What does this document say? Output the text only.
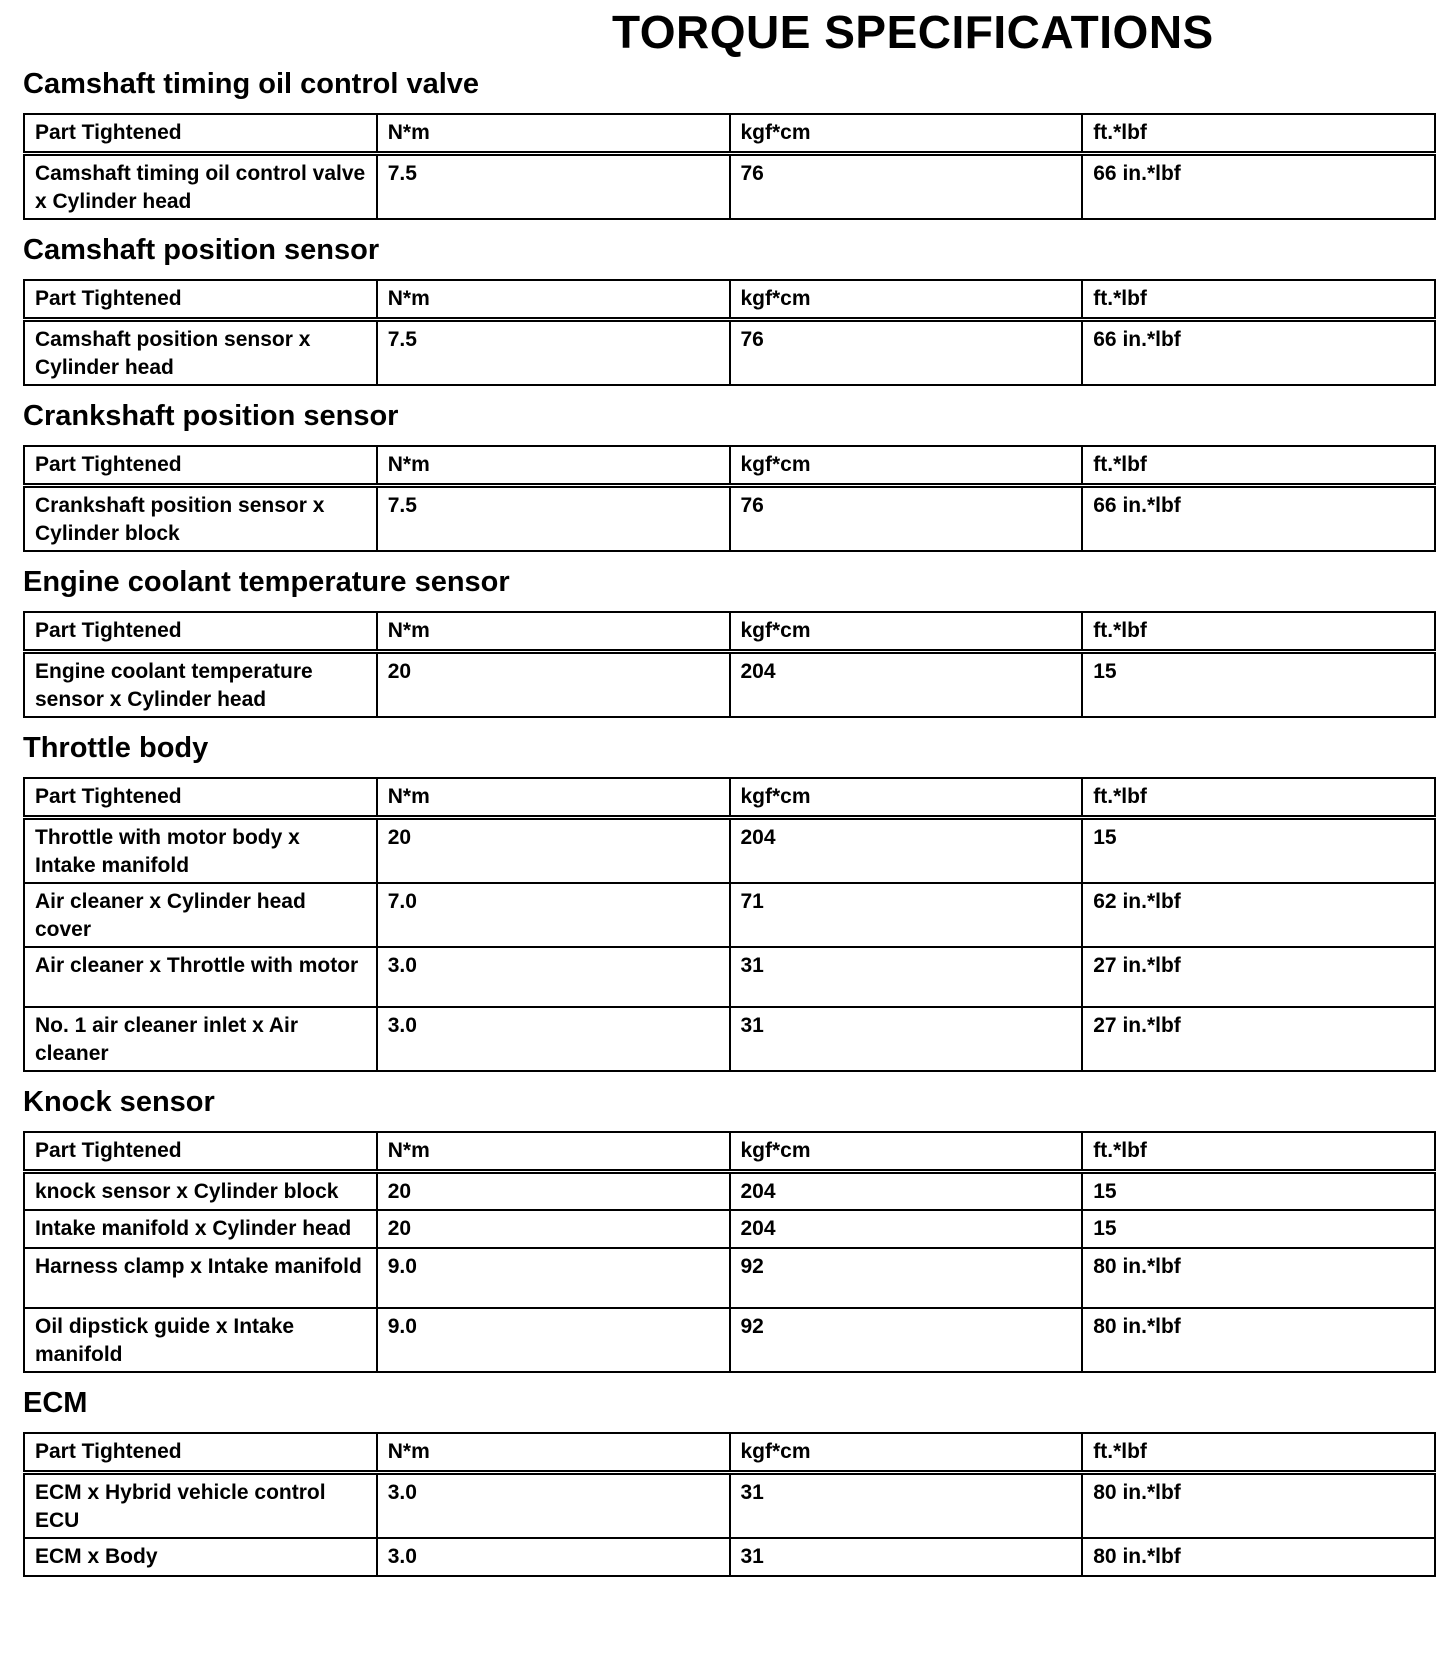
TORQUE SPECIFICATIONS
Camshaft timing oil control valve
Part Tightened	N*m	kgf*cm	ft.*lbf
Camshaft timing oil control valve x Cylinder head	7.5	76	66 in.*lbf
Camshaft position sensor
Part Tightened	N*m	kgf*cm	ft.*lbf
Camshaft position sensor x Cylinder head	7.5	76	66 in.*lbf
Crankshaft position sensor
Part Tightened	N*m	kgf*cm	ft.*lbf
Crankshaft position sensor x Cylinder block	7.5	76	66 in.*lbf
Engine coolant temperature sensor
Part Tightened	N*m	kgf*cm	ft.*lbf
Engine coolant temperature sensor x Cylinder head	20	204	15
Throttle body
Part Tightened	N*m	kgf*cm	ft.*lbf
Throttle with motor body x Intake manifold	20	204	15
Air cleaner x Cylinder head cover	7.0	71	62 in.*lbf
Air cleaner x Throttle with motor	3.0	31	27 in.*lbf
No. 1 air cleaner inlet x Air cleaner	3.0	31	27 in.*lbf
Knock sensor
Part Tightened	N*m	kgf*cm	ft.*lbf
knock sensor x Cylinder block	20	204	15
Intake manifold x Cylinder head	20	204	15
Harness clamp x Intake manifold	9.0	92	80 in.*lbf
Oil dipstick guide x Intake manifold	9.0	92	80 in.*lbf
ECM
Part Tightened	N*m	kgf*cm	ft.*lbf
ECM x Hybrid vehicle control ECU	3.0	31	80 in.*lbf
ECM x Body	3.0	31	80 in.*lbf
